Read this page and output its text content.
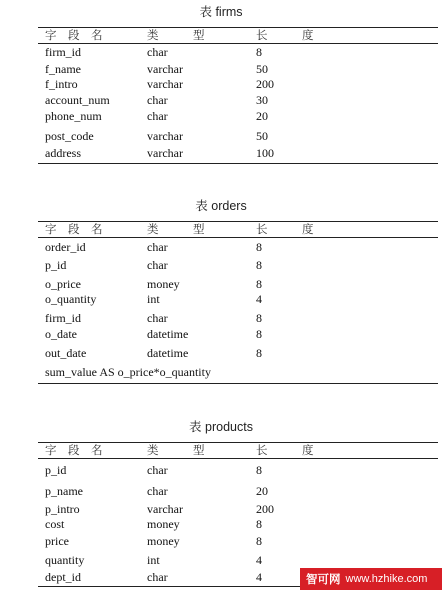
表 firms
字　段　名	类　　　型	长　　　度
firm_id	char	8
f_name	varchar	50
f_intro	varchar	200
account_num	char	30
phone_num	char	20
post_code	varchar	50
address	varchar	100
表 orders
字　段　名	类　　　型	长　　　度
order_id	char	8
p_id	char	8
o_price	money	8
o_quantity	int	4
firm_id	char	8
o_date	datetime	8
out_date	datetime	8
sum_value AS o_price*o_quantity
表 products
字　段　名	类　　　型	长　　　度
p_id	char	8
p_name	char	20
p_intro	varchar	200
cost	money	8
price	money	8
quantity	int	4
dept_id	char	4	智可网 www.hzhike.com
